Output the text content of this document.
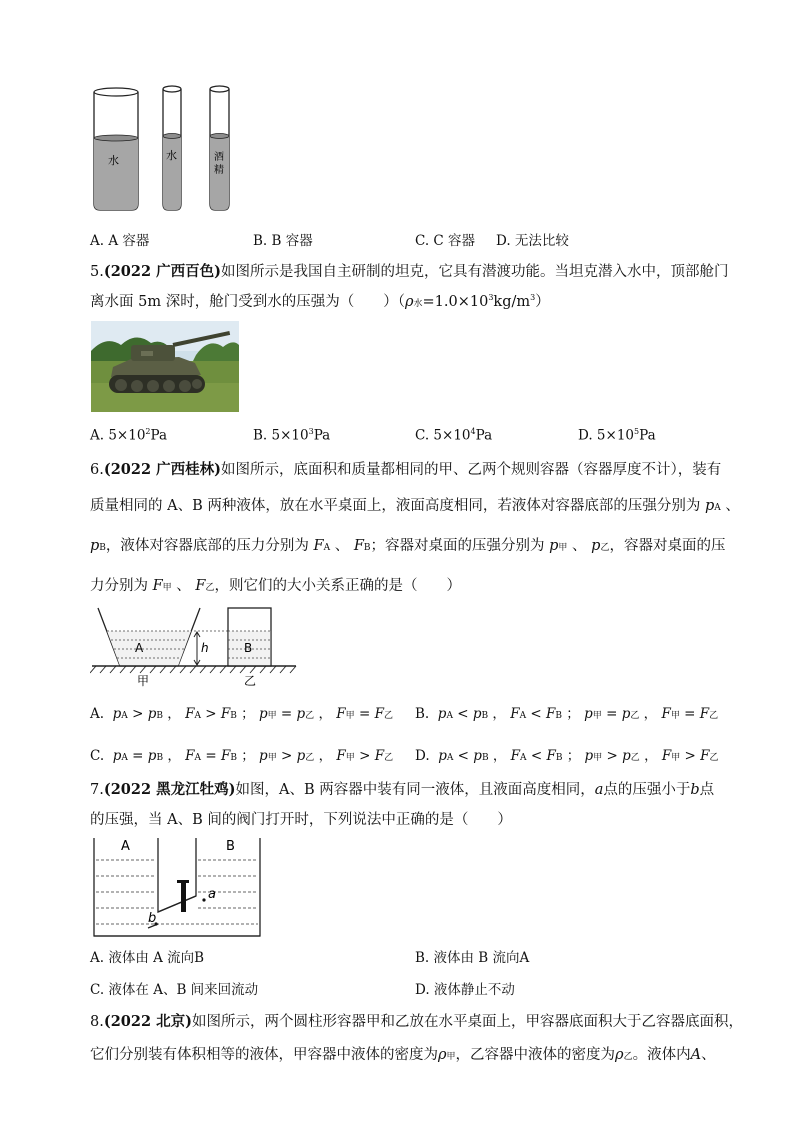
水	水	酒
精
A. A 容器	B. B 容器	C. C 容器 D. 无法比较
5.(2022 广西百色)如图所示是我国自主研制的坦克，它具有潜渡功能。当坦克潜入水中，顶部舱门
离水面 5m 深时，舱门受到水的压强为（　　）（ρ水$=1.0\times 10^3kg/m^3$）
A. $5\times 10^2Pa$	B. $5\times 10^3Pa$	C. $5\times 10^4Pa$	D. $5\times 10^5Pa$
6.(2022 广西桂林)如图所示，底面积和质量都相同的甲、乙两个规则容器（容器厚度不计），装有
质量相同的 A、B 两种液体，放在水平桌面上，液面高度相同，若液体对容器底部的压强分别为 pA 、
pB，液体对容器底部的压力分别为 FA 、 FB；容器对桌面的压强分别为 p甲 、 p乙，容器对桌面的压
力分别为 F甲 、 F乙，则它们的大小关系正确的是（　　）
A	B
h
甲	乙
A.  pA > pB ， FA > FB ； p甲 = p乙 ， F甲 = F乙 B.  pA < pB ， FA < FB ； p甲 = p乙 ， F甲 = F乙
C.  pA = pB ， FA = FB ； p甲 > p乙 ， F甲 > F乙 D.  pA < pB ， FA < FB ； p甲 > p乙 ， F甲 > F乙
7.(2022 黑龙江牡鸡)如图，A、B 两容器中装有同一液体，且液面高度相同，a点的压强小于b点
的压强，当 A、B 间的阀门打开时，下列说法中正确的是（　　）
A	B
a
b
A. 液体由 A 流向B	B. 液体由 B 流向A
C. 液体在 A、B 间来回流动	D. 液体静止不动
8.(2022 北京)如图所示，两个圆柱形容器甲和乙放在水平桌面上，甲容器底面积大于乙容器底面积，
它们分别装有体积相等的液体，甲容器中液体的密度为ρ甲，乙容器中液体的密度为ρ乙。液体内A、
